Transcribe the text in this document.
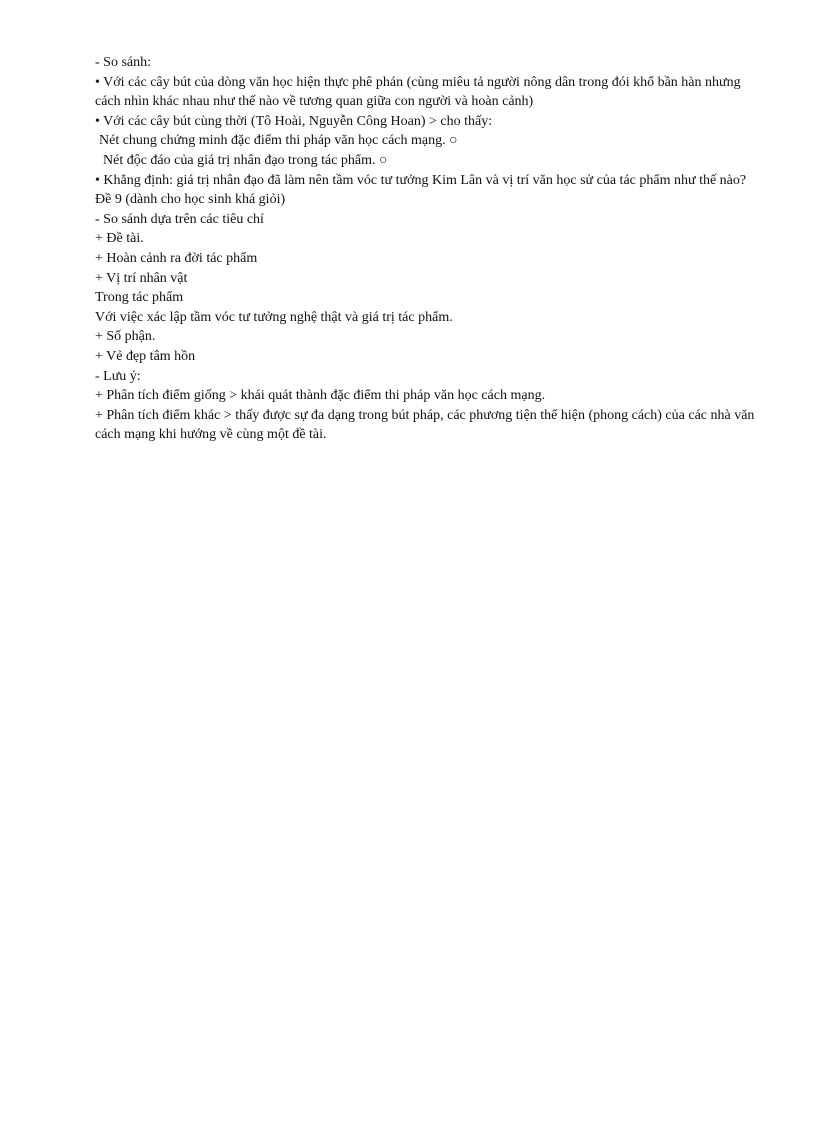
- So sánh:

• Với các cây bút của dòng văn học hiện thực phê phán (cùng miêu tả người nông dân trong đói khổ bần hàn nhưng cách nhìn khác nhau như thế nào về tương quan giữa con người và hoàn cảnh)

• Với các cây bút cùng thời (Tô Hoài, Nguyễn Công Hoan) > cho thấy:

Nét chung chứng minh đặc điểm thi pháp văn học cách mạng. ○

Nét độc đáo của giá trị nhân đạo trong tác phẩm. ○

• Khẳng định: giá trị nhân đạo đã làm nên tầm vóc tư tưởng Kim Lân và vị trí văn học sử của tác phẩm như thế nào?

Đề 9 (dành cho học sinh khá giỏi)

- So sánh dựa trên các tiêu chí

+ Đề tài.

+ Hoàn cảnh ra đời tác phẩm

+ Vị trí nhân vật

Trong tác phẩm

Với việc xác lập tầm vóc tư tưởng nghệ thật và giá trị tác phẩm.

+ Số phận.

+ Vẻ đẹp tâm hồn

- Lưu ý:

+ Phân tích điểm giống > khái quát thành đặc điểm thi pháp văn học cách mạng.

+ Phân tích điểm khác > thấy được sự đa dạng trong bút pháp, các phương tiện thể hiện (phong cách) của các nhà văn cách mạng khi hướng về cùng một đề tài.
